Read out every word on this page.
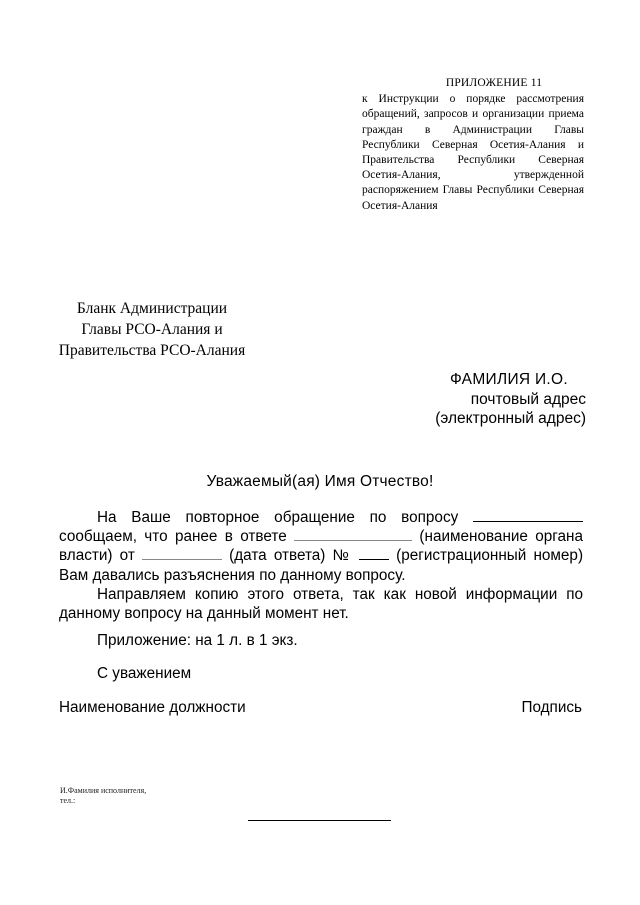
ПРИЛОЖЕНИЕ 11
к Инструкции о порядке рассмотрения обращений, запросов и организации приема граждан в Администрации Главы Республики Северная Осетия-Алания и Правительства Республики Северная Осетия-Алания, утвержденной распоряжением Главы Республики Северная Осетия-Алания
Бланк Администрации
Главы РСО-Алания и
Правительства РСО-Алания
ФАМИЛИЯ И.О.
почтовый адрес
(электронный адрес)
Уважаемый(ая) Имя Отчество!

На Ваше повторное обращение по вопросу  сообщаем, что ранее в ответе	(наименование органа власти) от	(дата ответа) №	(регистрационный номер) Вам давались разъяснения по данному вопросу.

Направляем копию этого ответа, так как новой информации по данному вопросу на данный момент нет.

Приложение: на 1 л. в 1 экз.
С уважением
Наименование должности	Подпись
И.Фамилия исполнителя,
тел.:
